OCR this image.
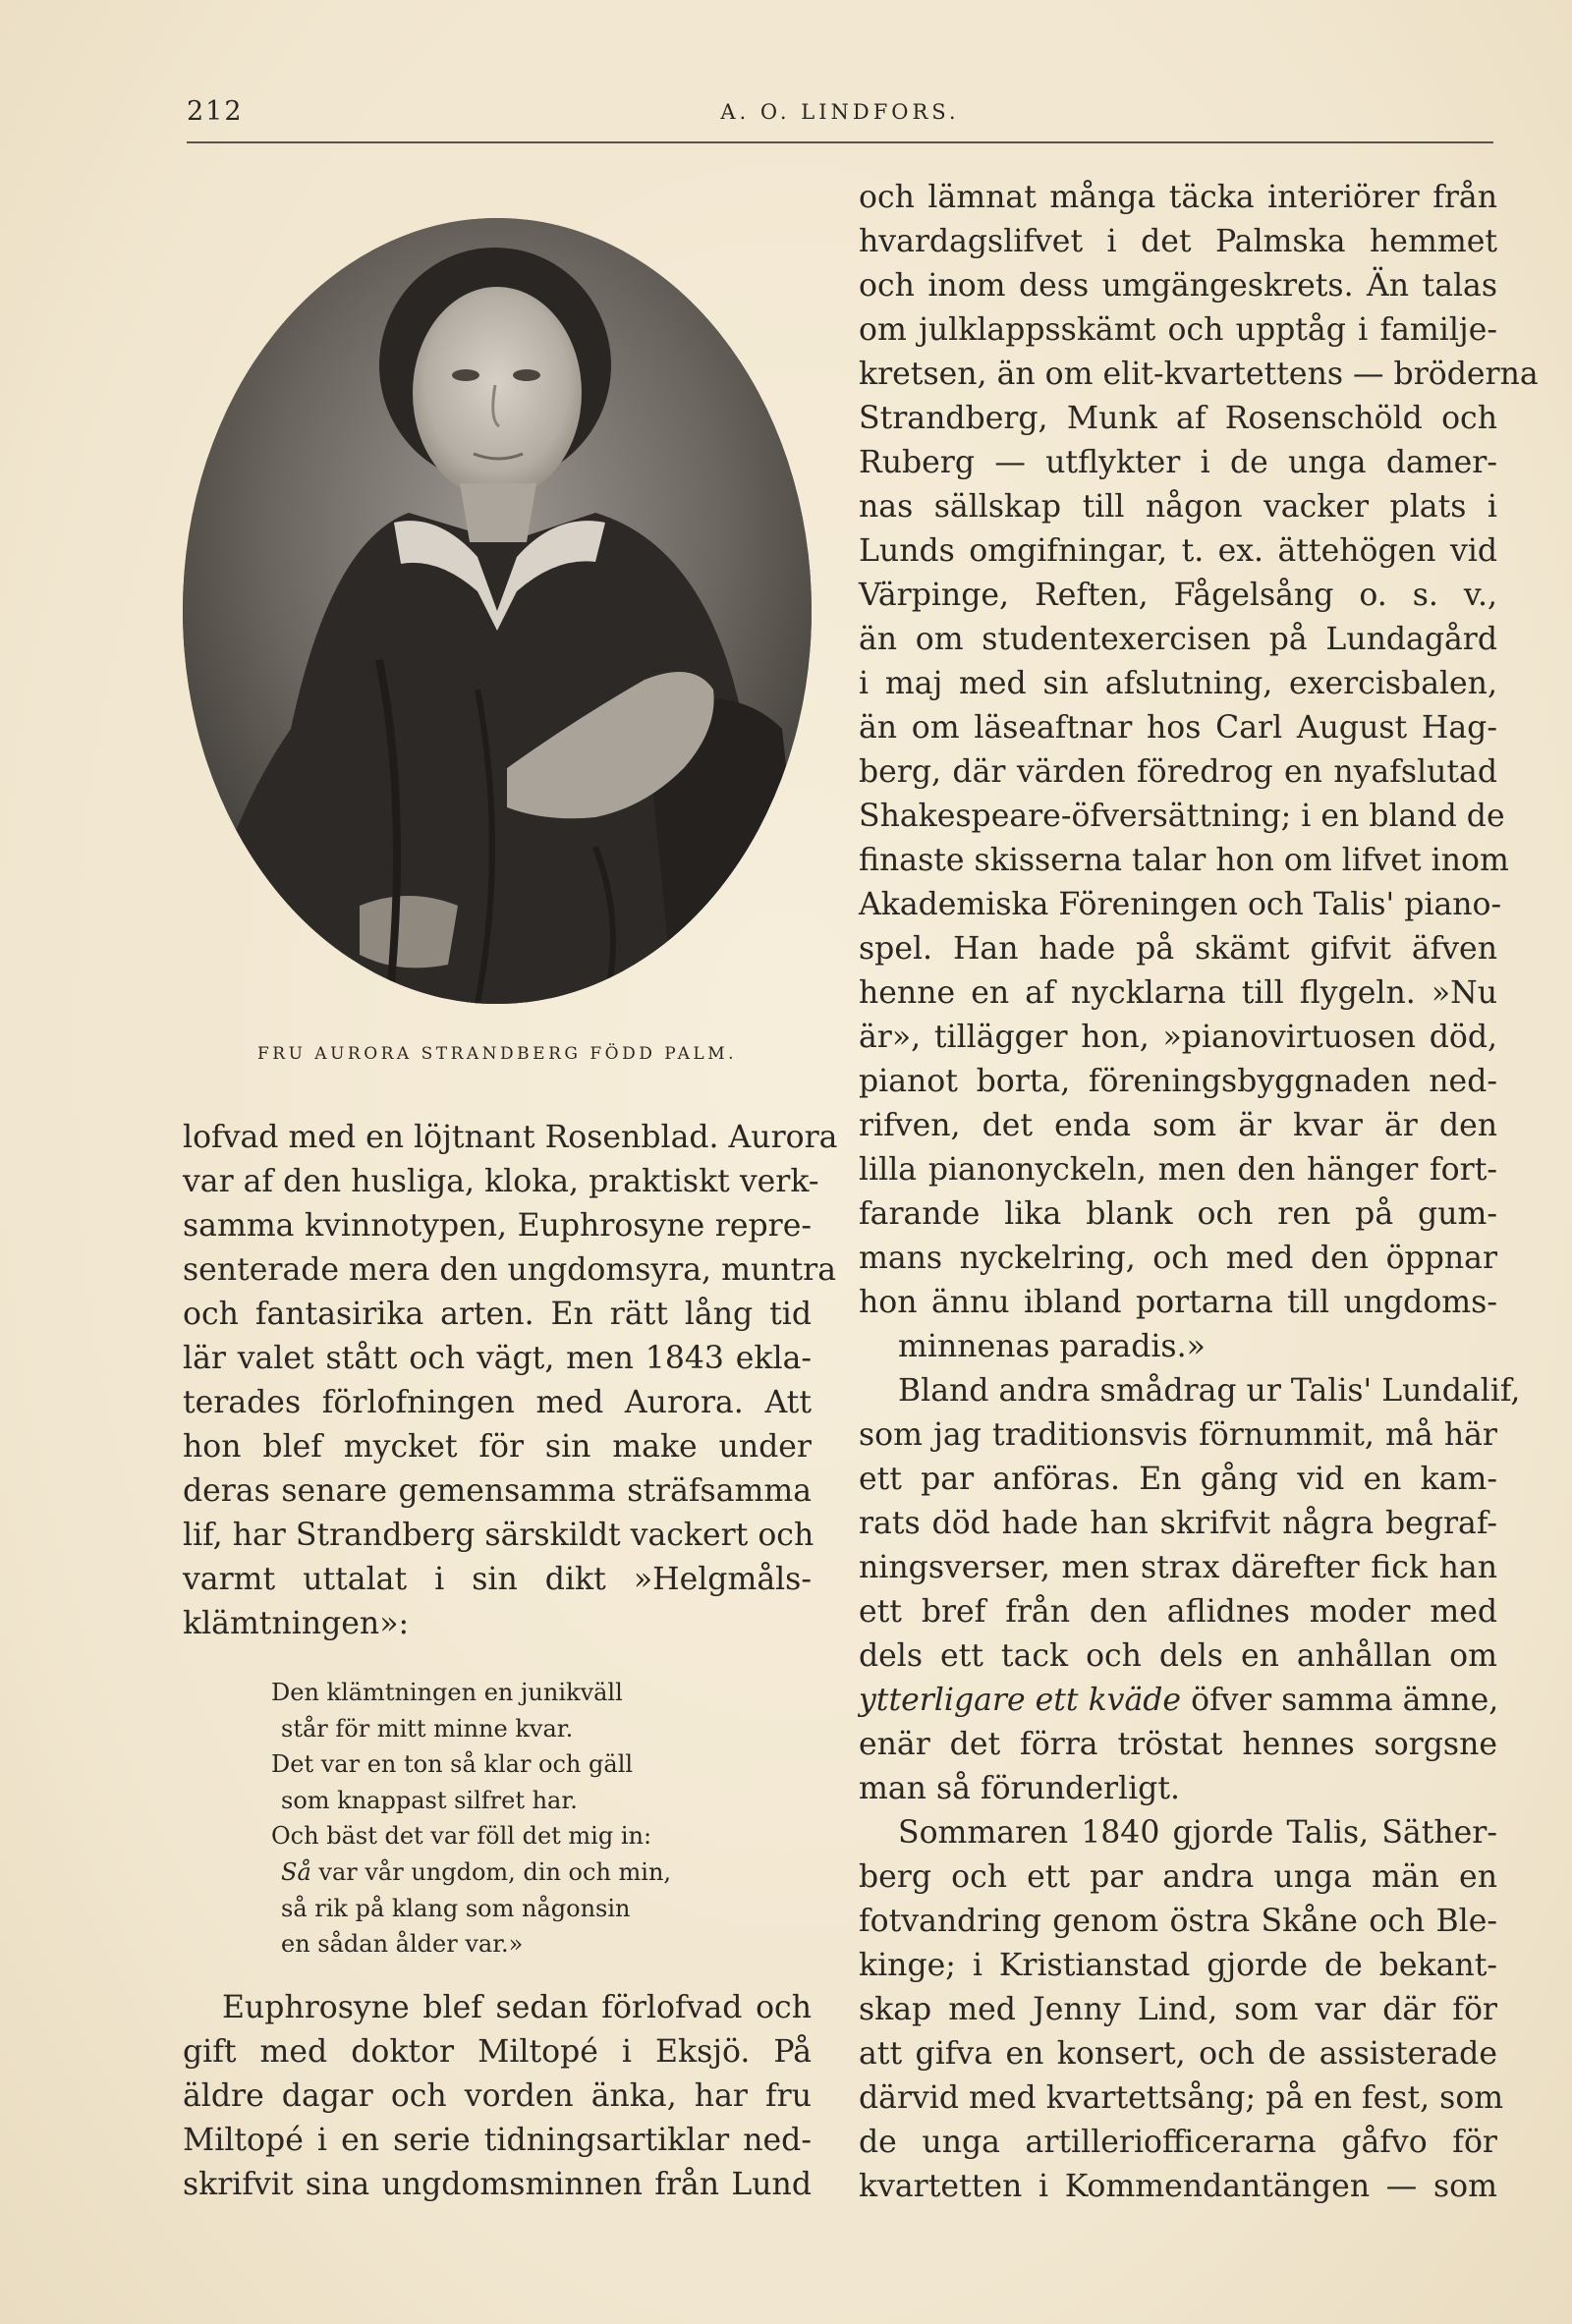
212	A. O. LINDFORS.
FRU AURORA STRANDBERG FÖDD PALM.
lofvad med en löjtnant Rosenblad. Aurora
var af den husliga, kloka, praktiskt verk-
samma kvinnotypen, Euphrosyne repre-
senterade mera den ungdomsyra, muntra
och fantasirika arten. En rätt lång tid
lär valet stått och vägt, men 1843 ekla-
terades förlofningen med Aurora. Att
hon blef mycket för sin make under
deras senare gemensamma sträfsamma
lif, har Strandberg särskildt vackert och
varmt uttalat i sin dikt »Helgmåls-
klämtningen»:
Den klämtningen en junikväll
står för mitt minne kvar.
Det var en ton så klar och gäll
som knappast silfret har.
Och bäst det var föll det mig in:
Så var vår ungdom, din och min,
så rik på klang som någonsin
en sådan ålder var.»
Euphrosyne blef sedan förlofvad och
gift med doktor Miltopé i Eksjö. På
äldre dagar och vorden änka, har fru
Miltopé i en serie tidningsartiklar ned-
skrifvit sina ungdomsminnen från Lund
och lämnat många täcka interiörer från
hvardagslifvet i det Palmska hemmet
och inom dess umgängeskrets. Än talas
om julklappsskämt och upptåg i familje-
kretsen, än om elit-kvartettens — bröderna
Strandberg, Munk af Rosenschöld och
Ruberg — utflykter i de unga damer-
nas sällskap till någon vacker plats i
Lunds omgifningar, t. ex. ättehögen vid
Värpinge, Reften, Fågelsång o. s. v.,
än om studentexercisen på Lundagård
i maj med sin afslutning, exercisbalen,
än om läseaftnar hos Carl August Hag-
berg, där värden föredrog en nyafslutad
Shakespeare-öfversättning; i en bland de
finaste skisserna talar hon om lifvet inom
Akademiska Föreningen och Talis' piano-
spel. Han hade på skämt gifvit äfven
henne en af nycklarna till flygeln. »Nu
är», tillägger hon, »pianovirtuosen död,
pianot borta, föreningsbyggnaden ned-
rifven, det enda som är kvar är den
lilla pianonyckeln, men den hänger fort-
farande lika blank och ren på gum-
mans nyckelring, och med den öppnar
hon ännu ibland portarna till ungdoms-
minnenas paradis.»
Bland andra smådrag ur Talis' Lundalif,
som jag traditionsvis förnummit, må här
ett par anföras. En gång vid en kam-
rats död hade han skrifvit några begraf-
ningsverser, men strax därefter fick han
ett bref från den aflidnes moder med
dels ett tack och dels en anhållan om
ytterligare ett kväde öfver samma ämne,
enär det förra tröstat hennes sorgsne
man så förunderligt.
Sommaren 1840 gjorde Talis, Säther-
berg och ett par andra unga män en
fotvandring genom östra Skåne och Ble-
kinge; i Kristianstad gjorde de bekant-
skap med Jenny Lind, som var där för
att gifva en konsert, och de assisterade
därvid med kvartettsång; på en fest, som
de unga artilleriofficerarna gåfvo för
kvartetten i Kommendantängen — som
